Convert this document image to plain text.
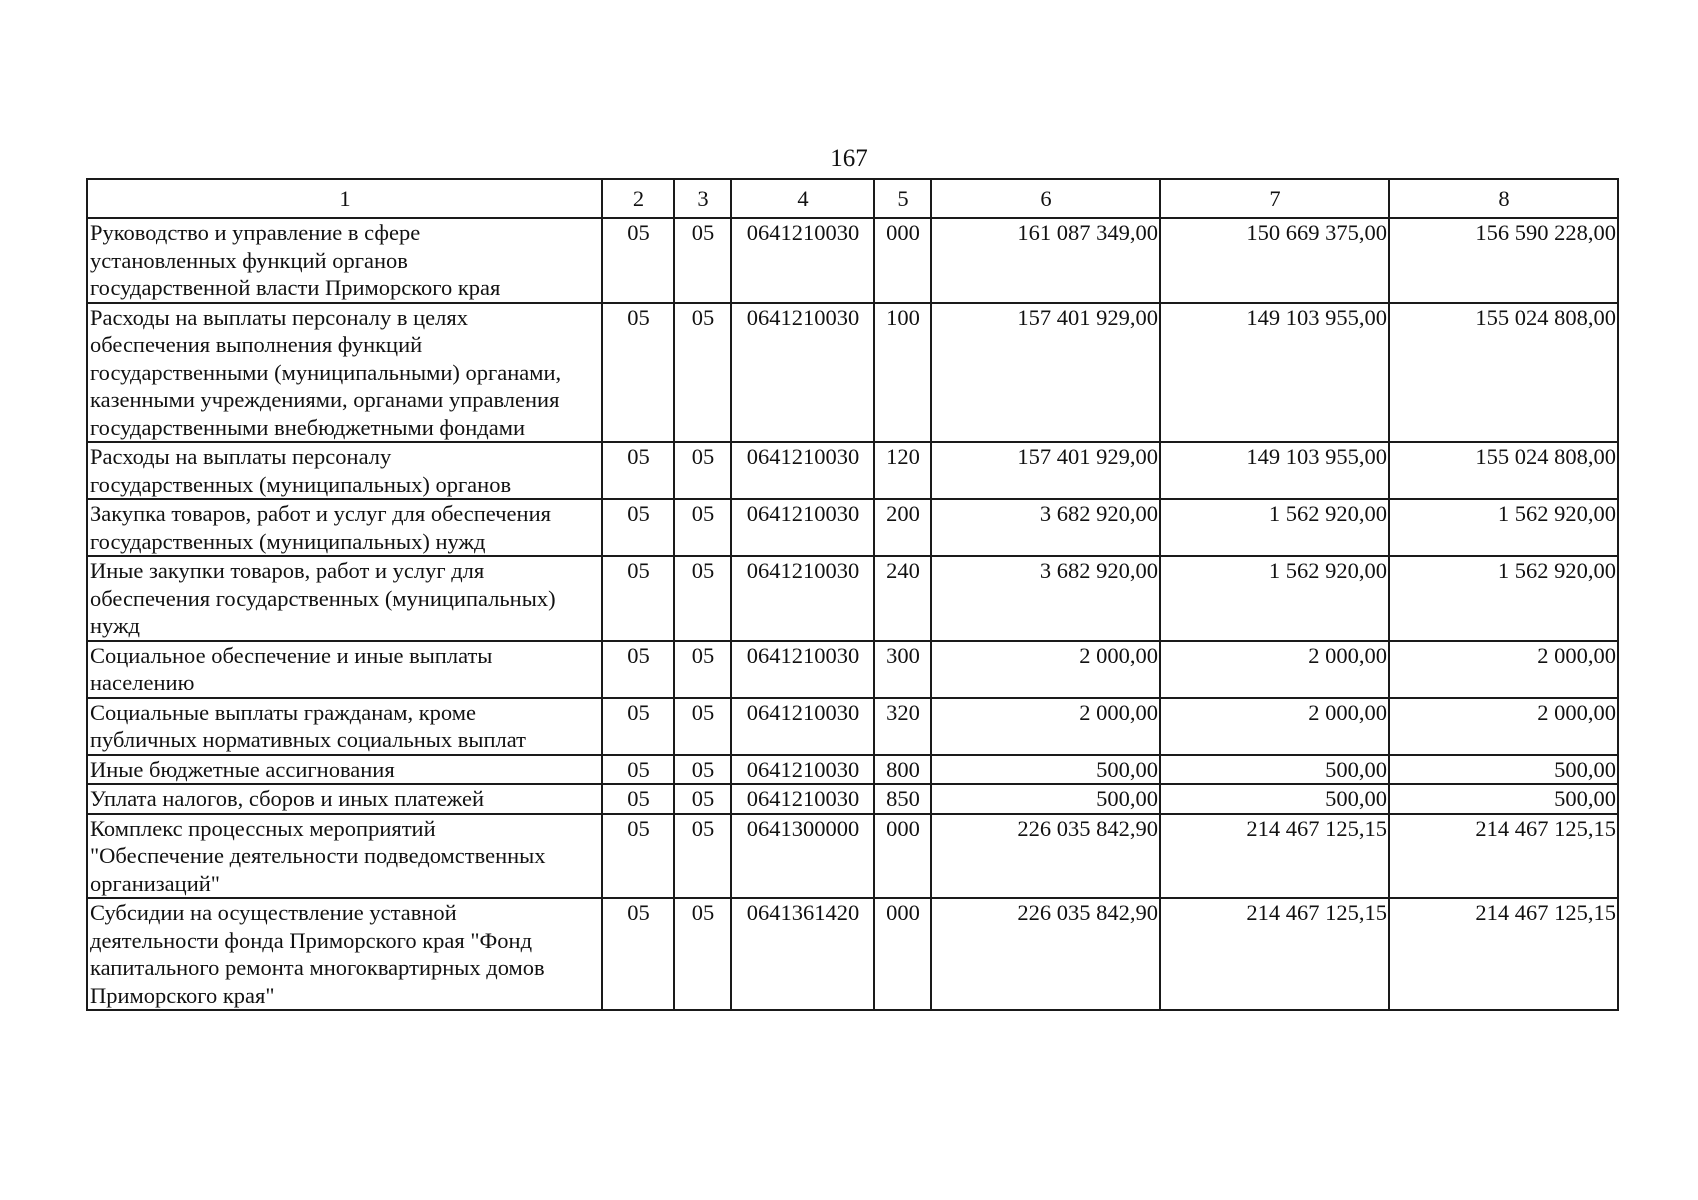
167
1	2	3	4	5	6	7	8

Руководство и управление в сфере
установленных функций органов
государственной власти Приморского края	05	05	0641210030	000	161 087 349,00	150 669 375,00	156 590 228,00

Расходы на выплаты персоналу в целях
обеспечения выполнения функций
государственными (муниципальными) органами,
казенными учреждениями, органами управления
государственными внебюджетными фондами	05	05	0641210030	100	157 401 929,00	149 103 955,00	155 024 808,00

Расходы на выплаты персоналу
государственных (муниципальных) органов	05	05	0641210030	120	157 401 929,00	149 103 955,00	155 024 808,00

Закупка товаров, работ и услуг для обеспечения
государственных (муниципальных) нужд	05	05	0641210030	200	3 682 920,00	1 562 920,00	1 562 920,00

Иные закупки товаров, работ и услуг для
обеспечения государственных (муниципальных)
нужд	05	05	0641210030	240	3 682 920,00	1 562 920,00	1 562 920,00

Социальное обеспечение и иные выплаты
населению	05	05	0641210030	300	2 000,00	2 000,00	2 000,00

Социальные выплаты гражданам, кроме
публичных нормативных социальных выплат	05	05	0641210030	320	2 000,00	2 000,00	2 000,00

Иные бюджетные ассигнования	05	05	0641210030	800	500,00	500,00	500,00

Уплата налогов, сборов и иных платежей	05	05	0641210030	850	500,00	500,00	500,00

Комплекс процессных мероприятий
"Обеспечение деятельности подведомственных
организаций"	05	05	0641300000	000	226 035 842,90	214 467 125,15	214 467 125,15

Субсидии на осуществление уставной
деятельности фонда Приморского края "Фонд
капитального ремонта многоквартирных домов
Приморского края"	05	05	0641361420	000	226 035 842,90	214 467 125,15	214 467 125,15
